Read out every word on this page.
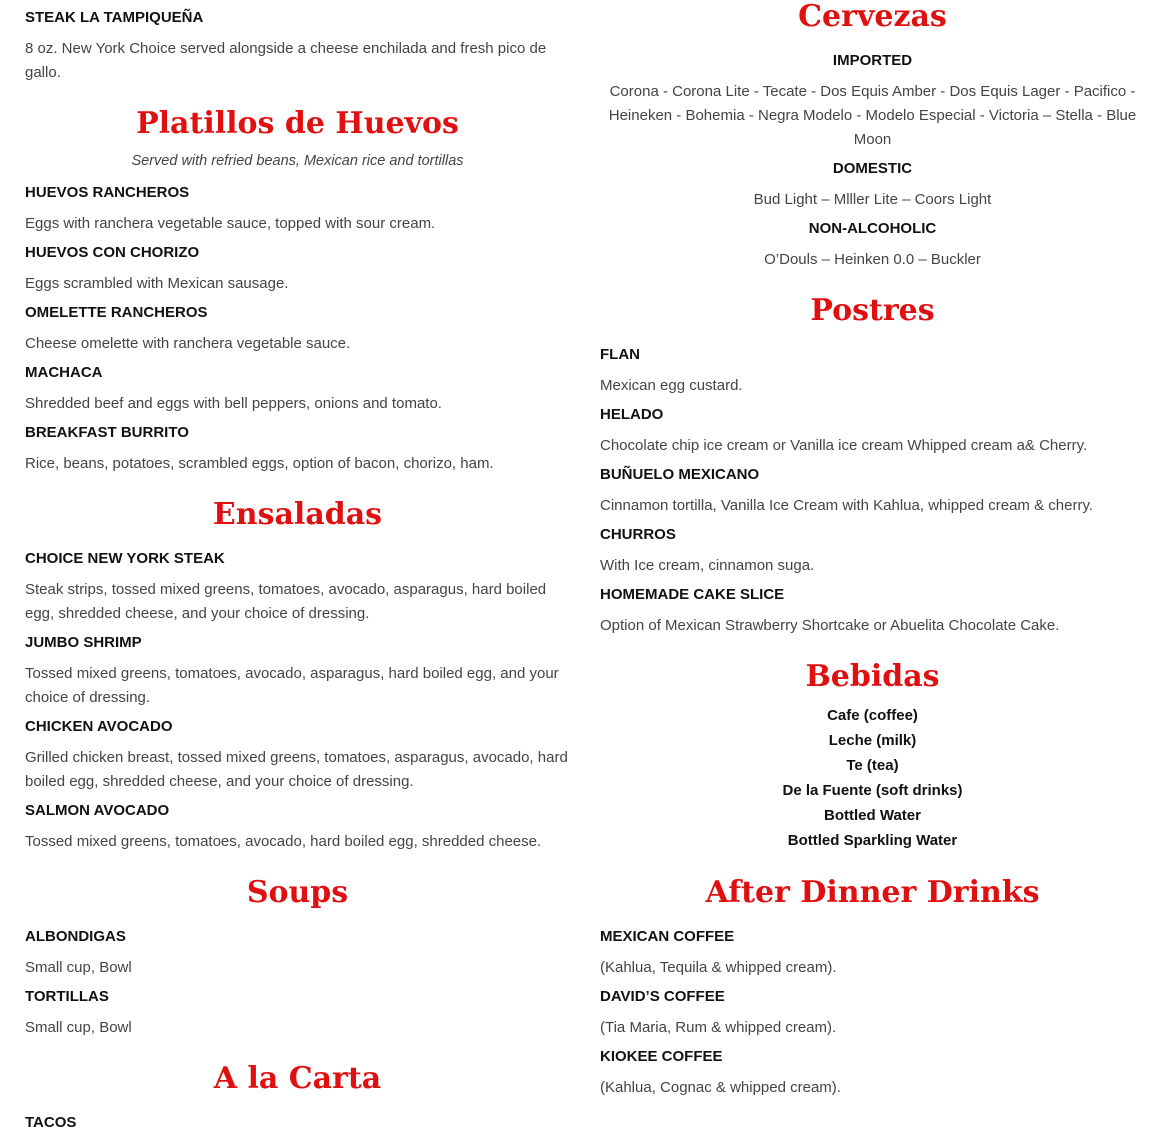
STEAK LA TAMPIQUEÑA

8 oz. New York Choice served alongside a cheese enchilada and fresh pico de gallo.

Platillos de Huevos

Served with refried beans, Mexican rice and tortillas

HUEVOS RANCHEROS

Eggs with ranchera vegetable sauce, topped with sour cream.

HUEVOS CON CHORIZO

Eggs scrambled with Mexican sausage.

OMELETTE RANCHEROS

Cheese omelette with ranchera vegetable sauce.

MACHACA

Shredded beef and eggs with bell peppers, onions and tomato.

BREAKFAST BURRITO

Rice, beans, potatoes, scrambled eggs, option of bacon, chorizo, ham.

Ensaladas

CHOICE NEW YORK STEAK

Steak strips, tossed mixed greens, tomatoes, avocado, asparagus, hard boiled egg, shredded cheese, and your choice of dressing.

JUMBO SHRIMP

Tossed mixed greens, tomatoes, avocado, asparagus, hard boiled egg, and your choice of dressing.

CHICKEN AVOCADO

Grilled chicken breast, tossed mixed greens, tomatoes, asparagus, avocado, hard boiled egg, shredded cheese, and your choice of dressing.

SALMON AVOCADO

Tossed mixed greens, tomatoes, avocado, hard boiled egg, shredded cheese.

Soups

ALBONDIGAS

Small cup, Bowl

TORTILLAS

Small cup, Bowl

A la Carta

TACOS

Cervezas

IMPORTED

Corona - Corona Lite - Tecate - Dos Equis Amber - Dos Equis Lager - Pacifico - Heineken - Bohemia - Negra Modelo - Modelo Especial - Victoria – Stella - Blue Moon

DOMESTIC

Bud Light – Mlller Lite – Coors Light

NON-ALCOHOLIC

O’Douls – Heinken 0.0 – Buckler

Postres

FLAN

Mexican egg custard.

HELADO

Chocolate chip ice cream or Vanilla ice cream Whipped cream a& Cherry.

BUÑUELO MEXICANO

Cinnamon tortilla, Vanilla Ice Cream with Kahlua, whipped cream & cherry.

CHURROS

With Ice cream, cinnamon suga.

HOMEMADE CAKE SLICE

Option of Mexican Strawberry Shortcake or Abuelita Chocolate Cake.

Bebidas

Cafe (coffee)

Leche (milk)

Te (tea)

De la Fuente (soft drinks)

Bottled Water

Bottled Sparkling Water

After Dinner Drinks

MEXICAN COFFEE

(Kahlua, Tequila & whipped cream).

DAVID’S COFFEE

(Tia Maria, Rum & whipped cream).

KIOKEE COFFEE

(Kahlua, Cognac & whipped cream).
